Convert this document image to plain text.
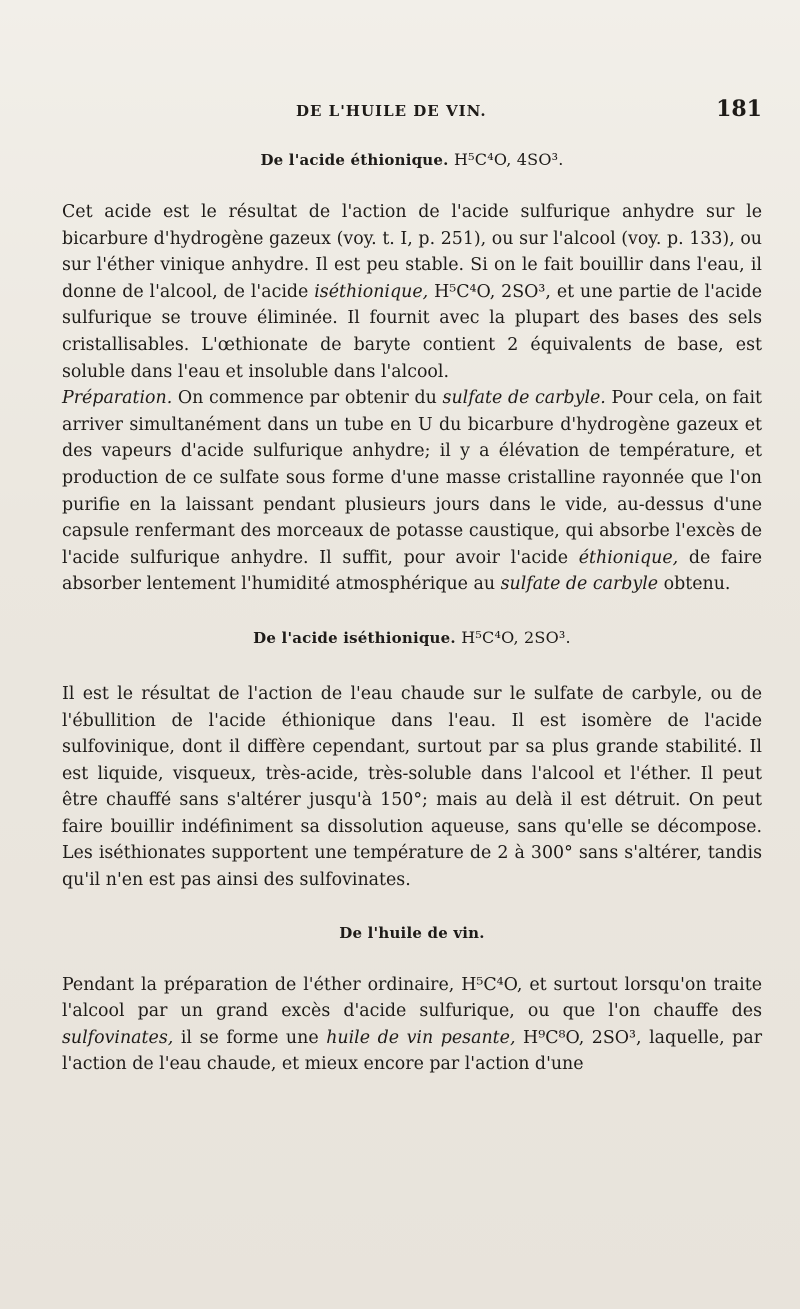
DE L'HUILE DE VIN.	181
De l'acide éthionique. H⁵C⁴O, 4SO³.

Cet acide est le résultat de l'action de l'acide sulfurique anhydre sur le bicarbure d'hydrogène gazeux (voy. t. I, p. 251), ou sur l'alcool (voy. p. 133), ou sur l'éther vinique anhydre. Il est peu stable. Si on le fait bouillir dans l'eau, il donne de l'alcool, de l'acide iséthionique, H⁵C⁴O, 2SO³, et une partie de l'acide sulfurique se trouve éliminée. Il fournit avec la plupart des bases des sels cristallisables. L'œthionate de baryte contient 2 équivalents de base, est soluble dans l'eau et insoluble dans l'alcool.

Préparation. On commence par obtenir du sulfate de carbyle. Pour cela, on fait arriver simultanément dans un tube en U du bicarbure d'hydrogène gazeux et des vapeurs d'acide sulfurique anhydre; il y a élévation de température, et production de ce sulfate sous forme d'une masse cristalline rayonnée que l'on purifie en la laissant pendant plusieurs jours dans le vide, au-dessus d'une capsule renfermant des morceaux de potasse caustique, qui absorbe l'excès de l'acide sulfurique anhydre. Il suffit, pour avoir l'acide éthionique, de faire absorber lentement l'humidité atmosphérique au sulfate de carbyle obtenu.

De l'acide iséthionique. H⁵C⁴O, 2SO³.

Il est le résultat de l'action de l'eau chaude sur le sulfate de carbyle, ou de l'ébullition de l'acide éthionique dans l'eau. Il est isomère de l'acide sulfovinique, dont il diffère cependant, surtout par sa plus grande stabilité. Il est liquide, visqueux, très-acide, très-soluble dans l'alcool et l'éther. Il peut être chauffé sans s'altérer jusqu'à 150°; mais au delà il est détruit. On peut faire bouillir indéfiniment sa dissolution aqueuse, sans qu'elle se décompose. Les iséthionates supportent une température de 2 à 300° sans s'altérer, tandis qu'il n'en est pas ainsi des sulfovinates.

De l'huile de vin.

Pendant la préparation de l'éther ordinaire, H⁵C⁴O, et surtout lorsqu'on traite l'alcool par un grand excès d'acide sulfurique, ou que l'on chauffe des sulfovinates, il se forme une huile de vin pesante, H⁹C⁸O, 2SO³, laquelle, par l'action de l'eau chaude, et mieux encore par l'action d'une
